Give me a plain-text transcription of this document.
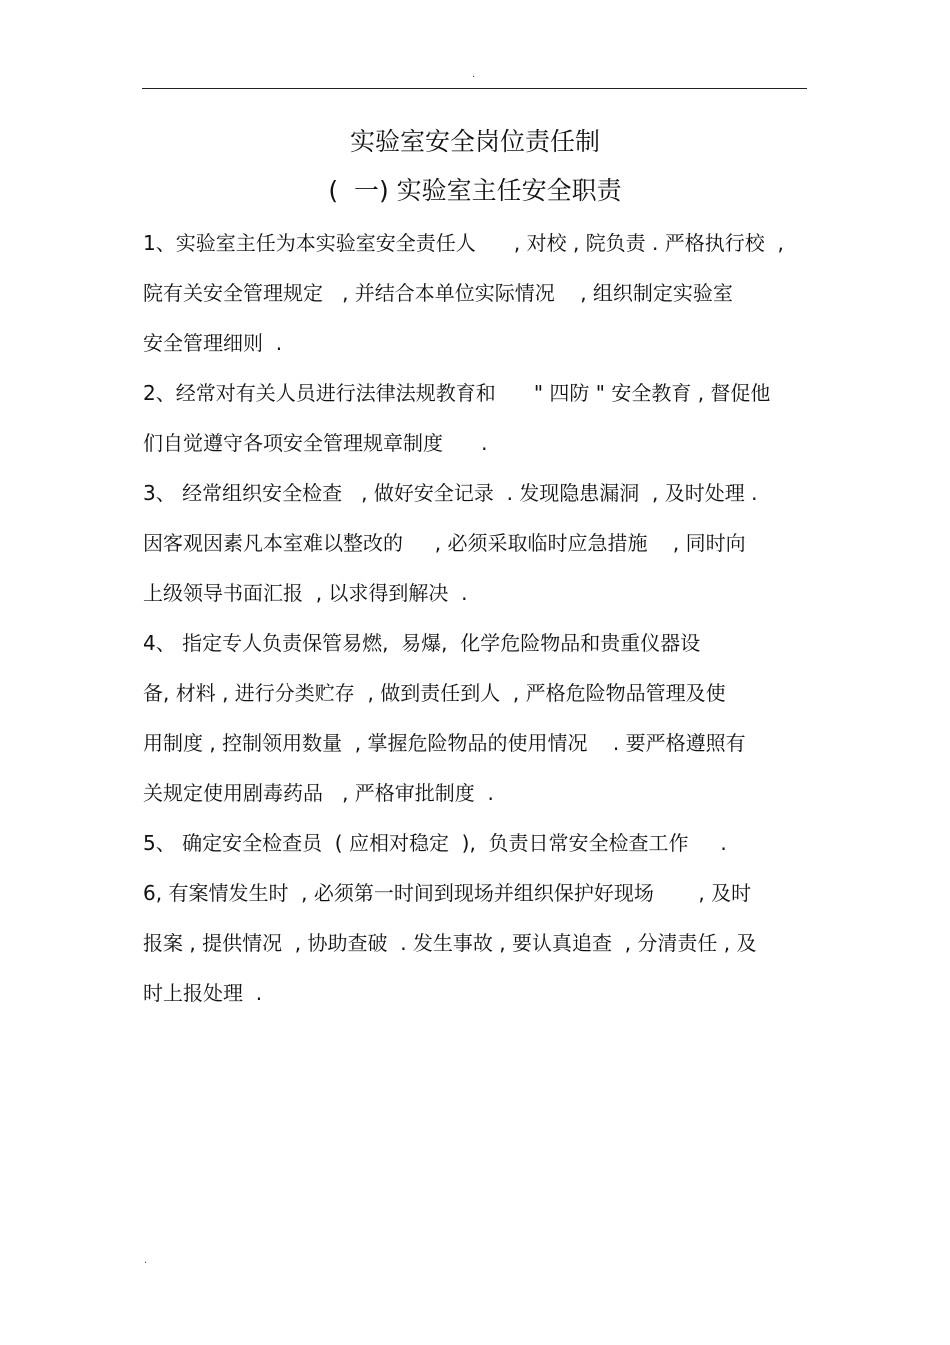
.
实验室安全岗位责任制
(  一) 实验室主任安全职责
1、实验室主任为本实验室安全责任人      , 对校 , 院负责 . 严格执行校  ,
院有关安全管理规定   , 并结合本单位实际情况    , 组织制定实验室
安全管理细则  .
2、经常对有关人员进行法律法规教育和      " 四防 " 安全教育 , 督促他
们自觉遵守各项安全管理规章制度      .
3、 经常组织安全检查   , 做好安全记录  . 发现隐患漏洞  , 及时处理 .
因客观因素凡本室难以整改的     , 必须采取临时应急措施    , 同时向
上级领导书面汇报  , 以求得到解决  .
4、 指定专人负责保管易燃,  易爆,  化学危险物品和贵重仪器设
备, 材料 , 进行分类贮存  , 做到责任到人  , 严格危险物品管理及使
用制度 , 控制领用数量  , 掌握危险物品的使用情况    . 要严格遵照有
关规定使用剧毒药品   , 严格审批制度  .
5、 确定安全检查员  ( 应相对稳定  ),  负责日常安全检查工作     .
6, 有案情发生时  , 必须第一时间到现场并组织保护好现场       , 及时
报案 , 提供情况  , 协助查破  . 发生事故 , 要认真追查  , 分清责任 , 及
时上报处理  .
.
